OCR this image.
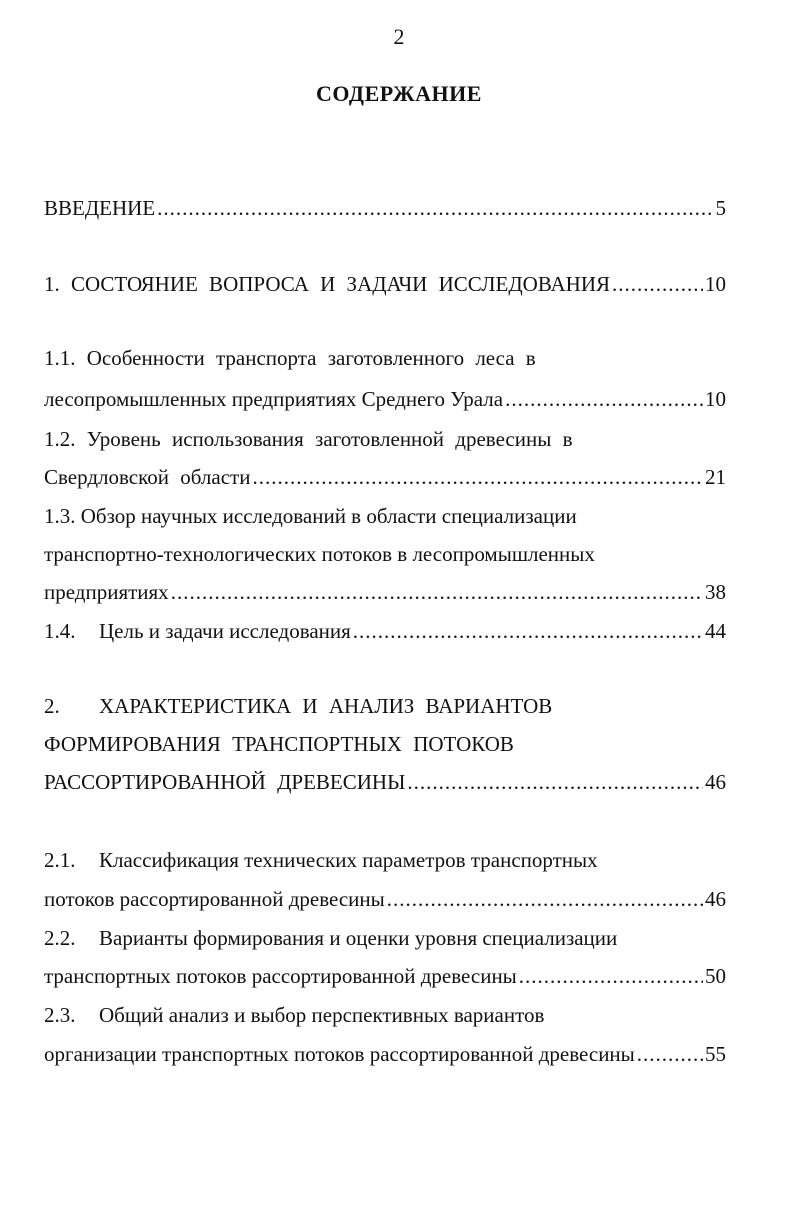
2
СОДЕРЖАНИЕ
ВВЕДЕНИЕ .....	5
1. СОСТОЯНИЕ ВОПРОСА И ЗАДАЧИ ИССЛЕДОВАНИЯ .....	10
1.1. Особенности транспорта заготовленного леса в
лесопромышленных предприятиях Среднего Урала .....	10
1.2. Уровень использования заготовленной древесины в
Свердловской области .....	21
1.3. Обзор научных исследований в области специализации
транспортно-технологических потоков в лесопромышленных
предприятиях .....	38
1.4. Цель и задачи исследования .....	44
2. ХАРАКТЕРИСТИКА И АНАЛИЗ ВАРИАНТОВ
ФОРМИРОВАНИЯ ТРАНСПОРТНЫХ ПОТОКОВ
РАССОРТИРОВАННОЙ ДРЕВЕСИНЫ .....	46
2.1. Классификация технических параметров транспортных
потоков рассортированной древесины .....	46
2.2. Варианты формирования и оценки уровня специализации
транспортных потоков рассортированной древесины .....	50
2.3. Общий анализ и выбор перспективных вариантов
организации транспортных потоков рассортированной древесины .....	55
